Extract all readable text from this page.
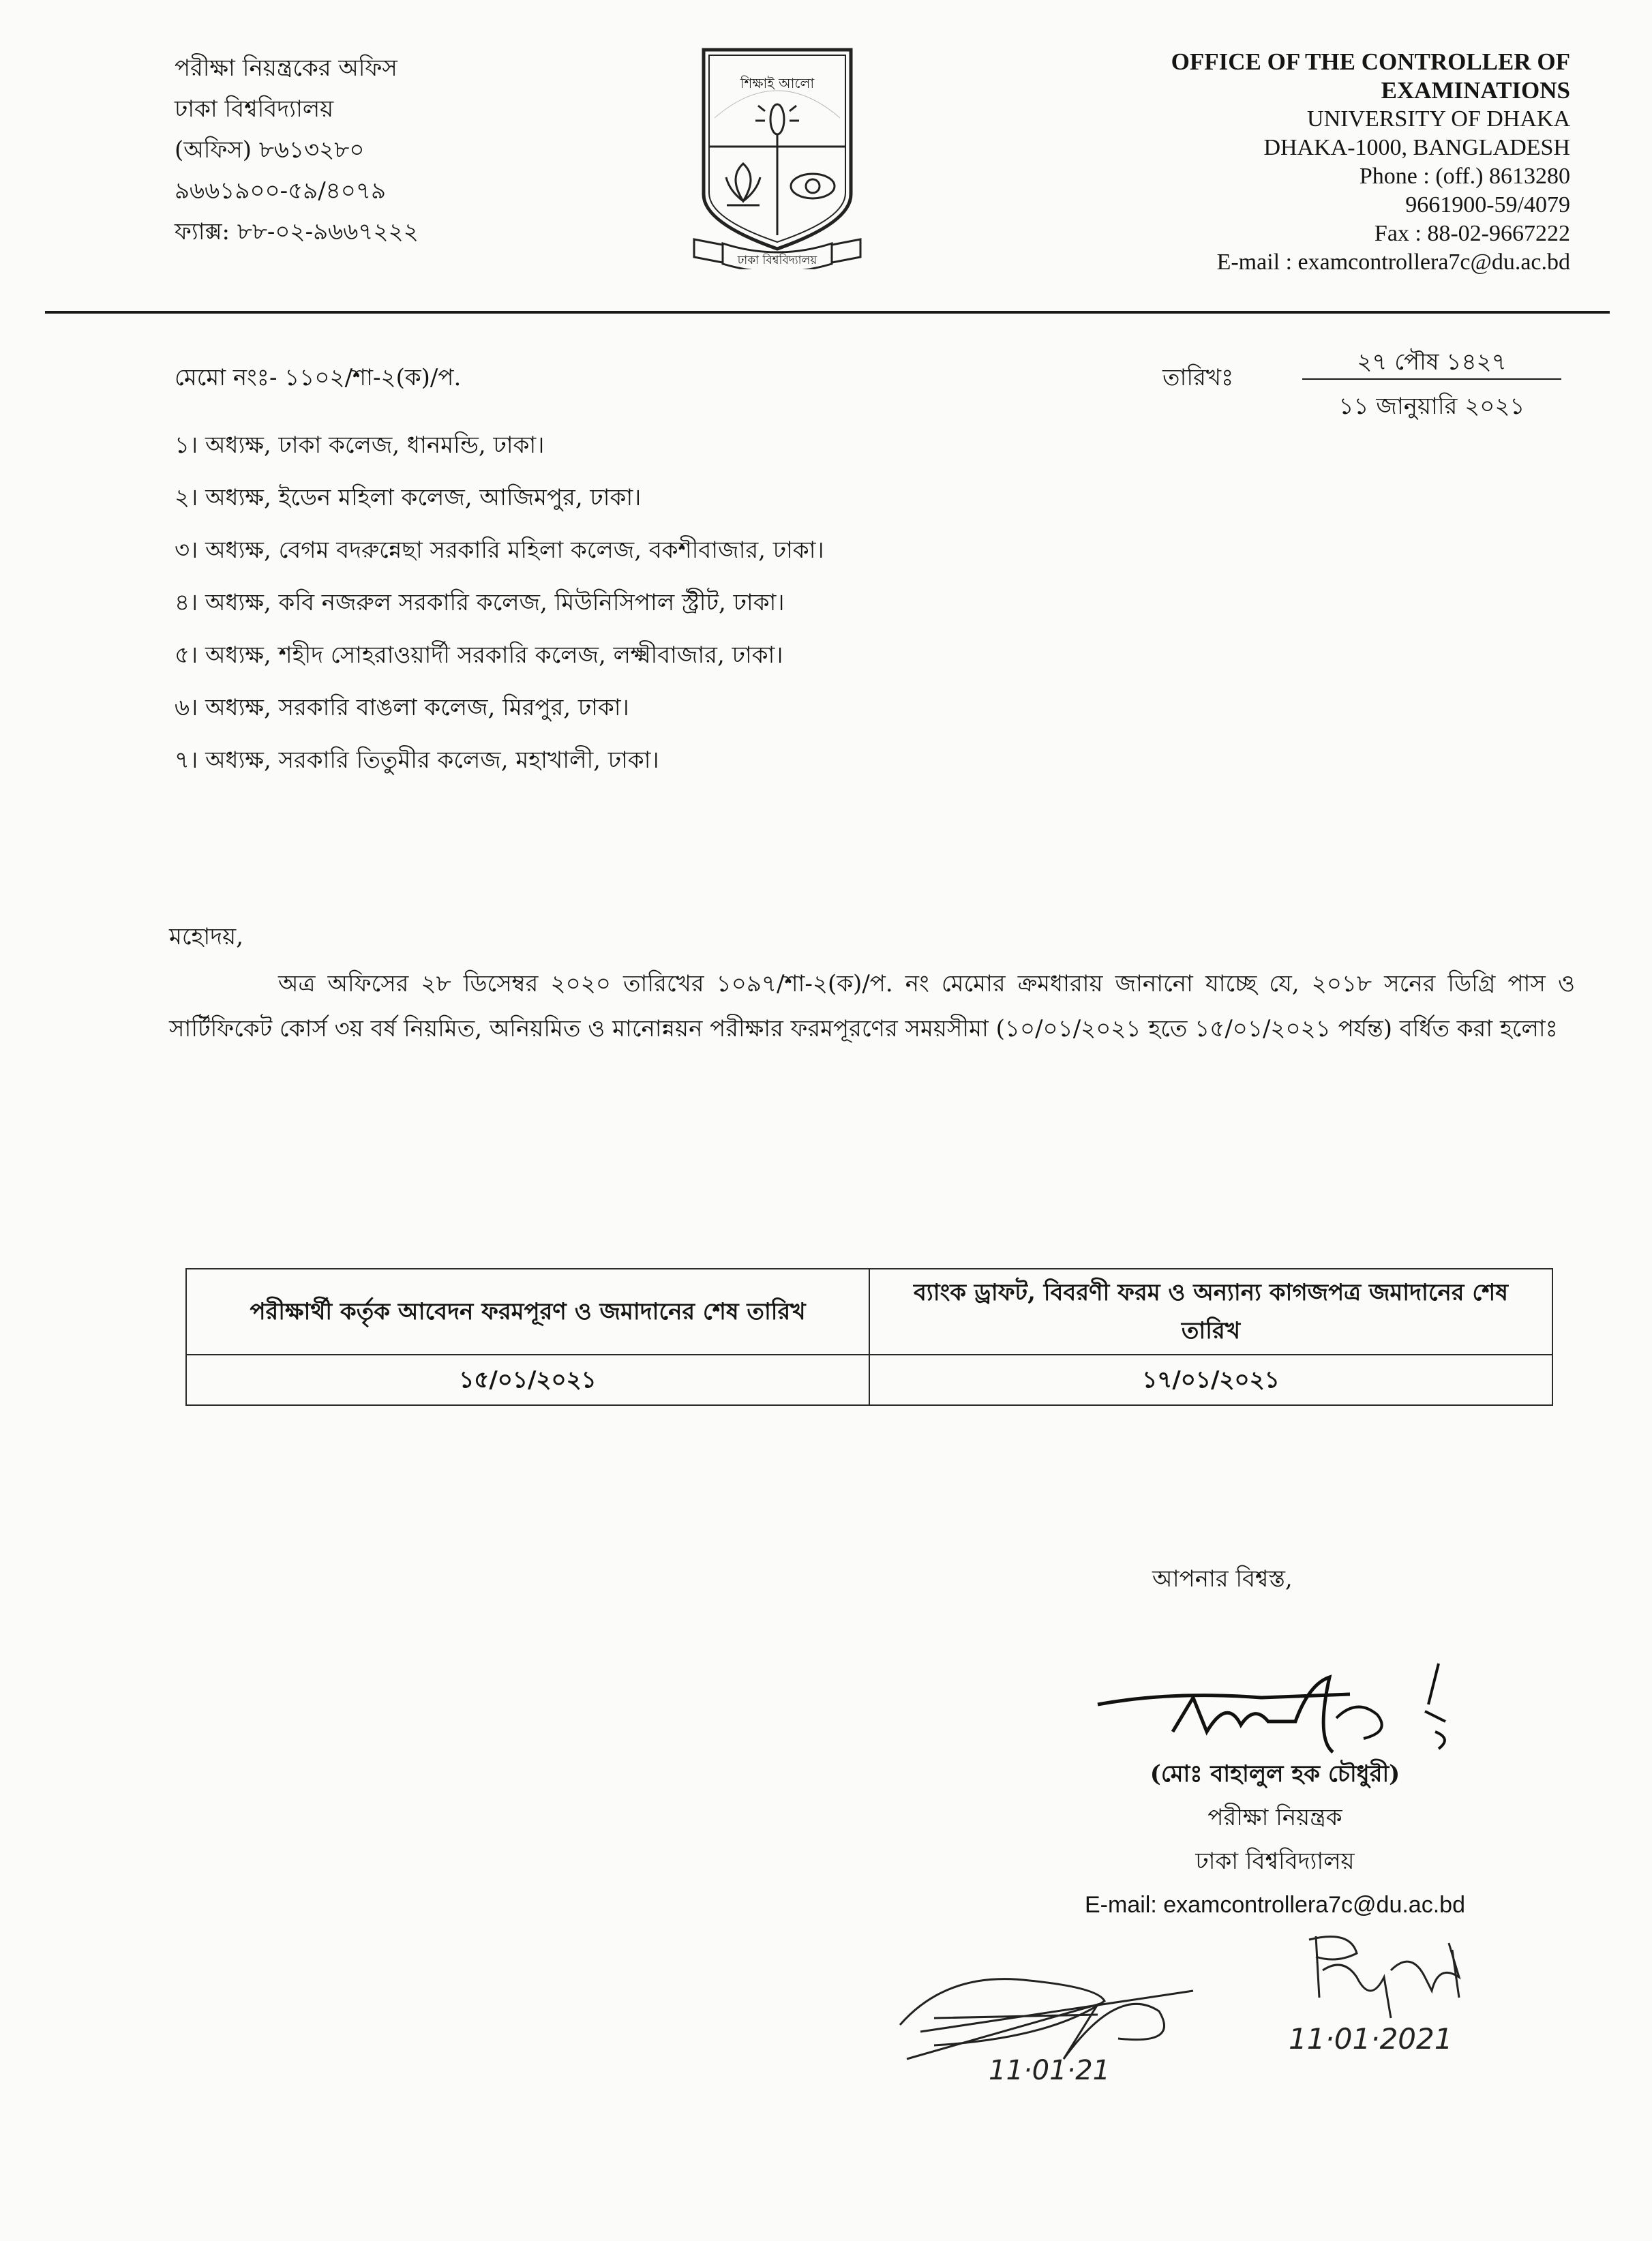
পরীক্ষা নিয়ন্ত্রকের অফিস
ঢাকা বিশ্ববিদ্যালয়
(অফিস) ৮৬১৩২৮০
৯৬৬১৯০০-৫৯/৪০৭৯
ফ্যাক্স: ৮৮-০২-৯৬৬৭২২২
ঢাকা বিশ্ববিদ্যালয়
শিক্ষাই আলো
OFFICE OF THE CONTROLLER OF
EXAMINATIONS
UNIVERSITY OF DHAKA
DHAKA-1000, BANGLADESH
Phone : (off.) 8613280
9661900-59/4079
Fax : 88-02-9667222
E-mail : examcontrollera7c@du.ac.bd
মেমো নংঃ- ১১০২/শা-২(ক)/প.	তারিখঃ
২৭ পৌষ ১৪২৭
১১ জানুয়ারি ২০২১
১। অধ্যক্ষ, ঢাকা কলেজ, ধানমন্ডি, ঢাকা।
২। অধ্যক্ষ, ইডেন মহিলা কলেজ, আজিমপুর, ঢাকা।
৩। অধ্যক্ষ, বেগম বদরুন্নেছা সরকারি মহিলা কলেজ, বকশীবাজার, ঢাকা।
৪। অধ্যক্ষ, কবি নজরুল সরকারি কলেজ, মিউনিসিপাল স্ট্রীট, ঢাকা।
৫। অধ্যক্ষ, শহীদ সোহরাওয়ার্দী সরকারি কলেজ, লক্ষ্মীবাজার, ঢাকা।
৬। অধ্যক্ষ, সরকারি বাঙলা কলেজ, মিরপুর, ঢাকা।
৭। অধ্যক্ষ, সরকারি তিতুমীর কলেজ, মহাখালী, ঢাকা।
মহোদয়,
অত্র অফিসের ২৮ ডিসেম্বর ২০২০ তারিখের ১০৯৭/শা-২(ক)/প. নং মেমোর ক্রমধারায় জানানো যাচ্ছে যে, ২০১৮ সনের ডিগ্রি পাস ও সার্টিফিকেট কোর্স ৩য় বর্ষ নিয়মিত, অনিয়মিত ও মানোন্নয়ন পরীক্ষার ফরমপূরণের সময়সীমা (১০/০১/২০২১ হতে ১৫/০১/২০২১ পর্যন্ত) বর্ধিত করা হলোঃ
পরীক্ষার্থী কর্তৃক আবেদন ফরমপূরণ ও জমাদানের শেষ তারিখ	ব্যাংক ড্রাফট, বিবরণী ফরম ও অন্যান্য কাগজপত্র জমাদানের শেষ তারিখ
১৫/০১/২০২১	১৭/০১/২০২১
আপনার বিশ্বস্ত,
(মোঃ বাহালুল হক চৌধুরী)
পরীক্ষা নিয়ন্ত্রক
ঢাকা বিশ্ববিদ্যালয়
E-mail: examcontrollera7c@du.ac.bd
11·01·21
11·01·2021
